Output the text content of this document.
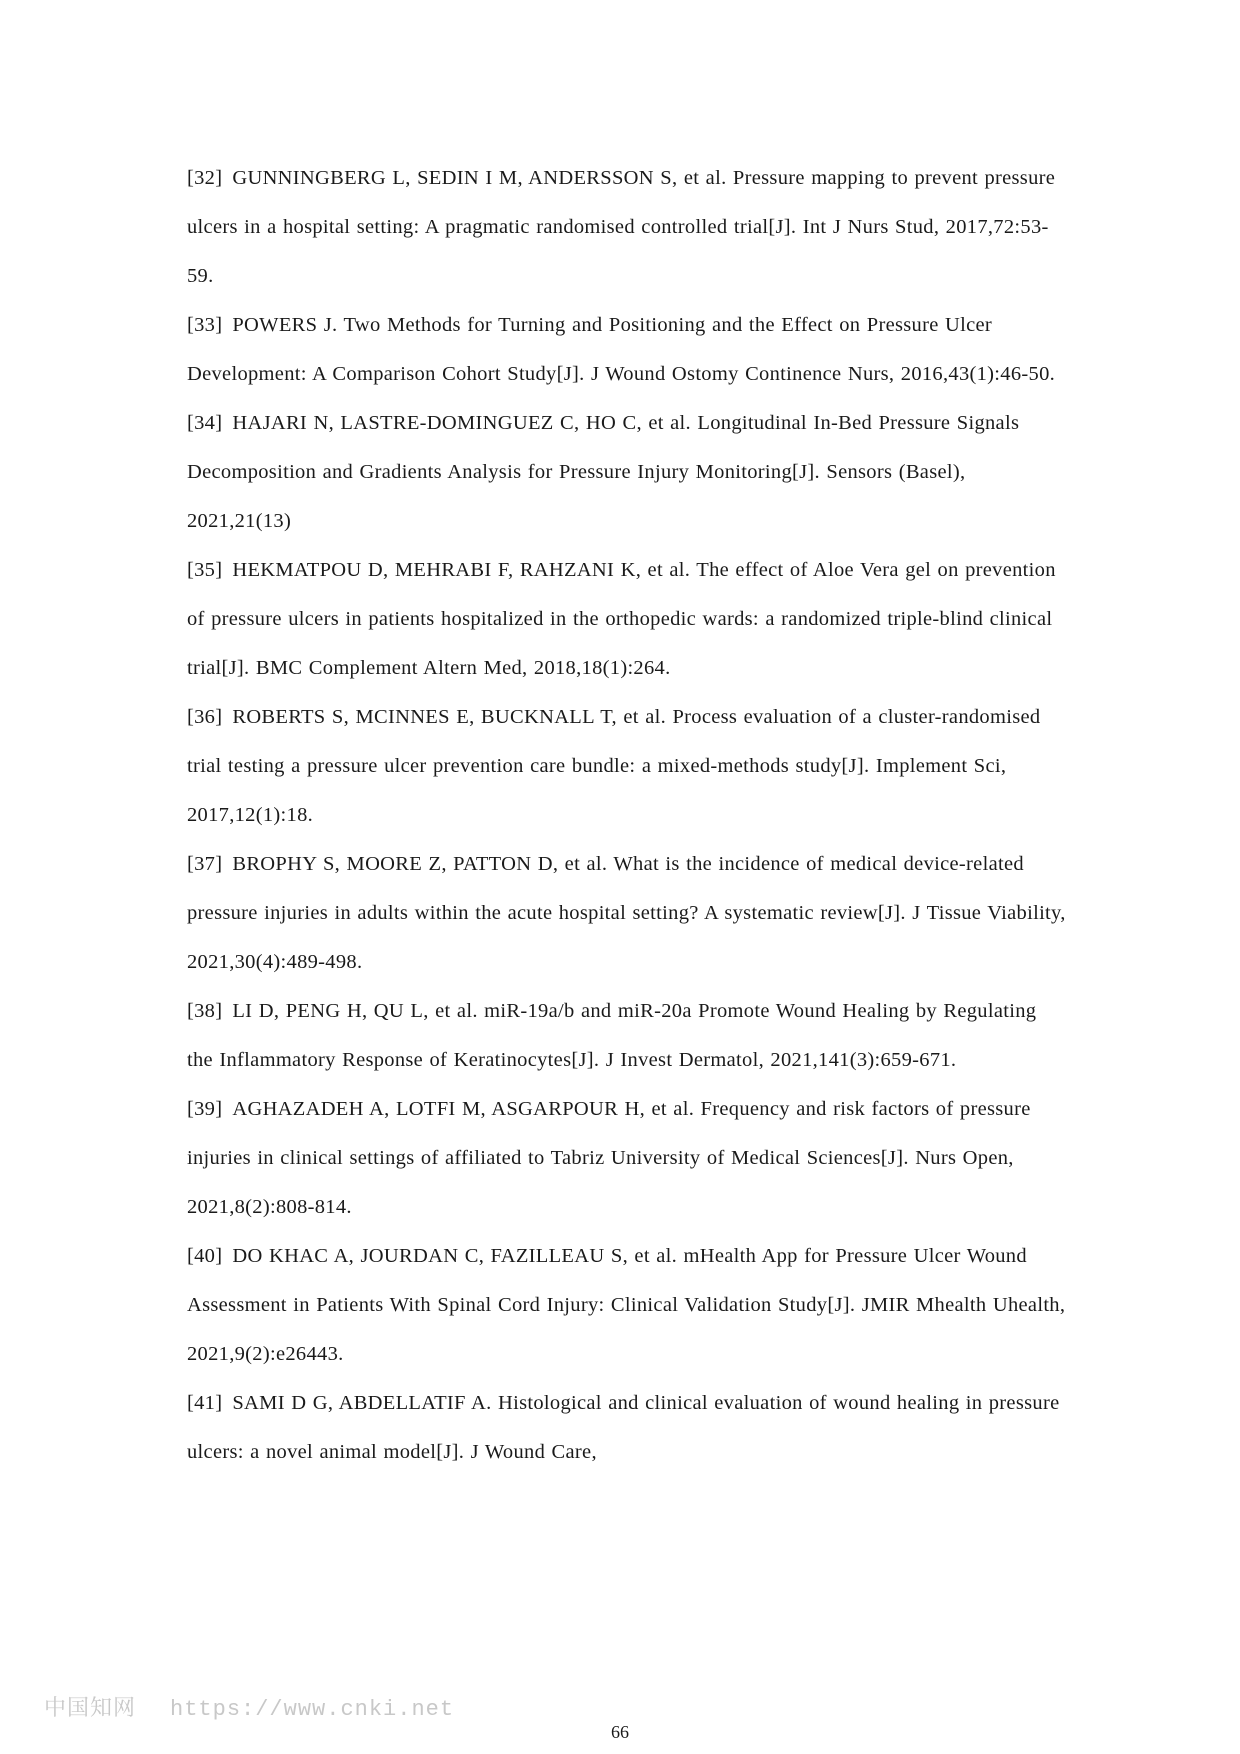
[32] GUNNINGBERG L, SEDIN I M, ANDERSSON S, et al. Pressure mapping to prevent pressure ulcers in a hospital setting: A pragmatic randomised controlled trial[J]. Int J Nurs Stud, 2017,72:53-59.

[33] POWERS J. Two Methods for Turning and Positioning and the Effect on Pressure Ulcer Development: A Comparison Cohort Study[J]. J Wound Ostomy Continence Nurs, 2016,43(1):46-50.

[34] HAJARI N, LASTRE-DOMINGUEZ C, HO C, et al. Longitudinal In-Bed Pressure Signals Decomposition and Gradients Analysis for Pressure Injury Monitoring[J]. Sensors (Basel), 2021,21(13)

[35] HEKMATPOU D, MEHRABI F, RAHZANI K, et al. The effect of Aloe Vera gel on prevention of pressure ulcers in patients hospitalized in the orthopedic wards: a randomized triple-blind clinical trial[J]. BMC Complement Altern Med, 2018,18(1):264.

[36] ROBERTS S, MCINNES E, BUCKNALL T, et al. Process evaluation of a cluster-randomised trial testing a pressure ulcer prevention care bundle: a mixed-methods study[J]. Implement Sci, 2017,12(1):18.

[37] BROPHY S, MOORE Z, PATTON D, et al. What is the incidence of medical device-related pressure injuries in adults within the acute hospital setting? A systematic review[J]. J Tissue Viability, 2021,30(4):489-498.

[38] LI D, PENG H, QU L, et al. miR-19a/b and miR-20a Promote Wound Healing by Regulating the Inflammatory Response of Keratinocytes[J]. J Invest Dermatol, 2021,141(3):659-671.

[39] AGHAZADEH A, LOTFI M, ASGARPOUR H, et al. Frequency and risk factors of pressure injuries in clinical settings of affiliated to Tabriz University of Medical Sciences[J]. Nurs Open, 2021,8(2):808-814.

[40] DO KHAC A, JOURDAN C, FAZILLEAU S, et al. mHealth App for Pressure Ulcer Wound Assessment in Patients With Spinal Cord Injury: Clinical Validation Study[J]. JMIR Mhealth Uhealth, 2021,9(2):e26443.

[41] SAMI D G, ABDELLATIF A. Histological and clinical evaluation of wound healing in pressure ulcers: a novel animal model[J]. J Wound Care,

中国知网 https://www.cnki.net
66
